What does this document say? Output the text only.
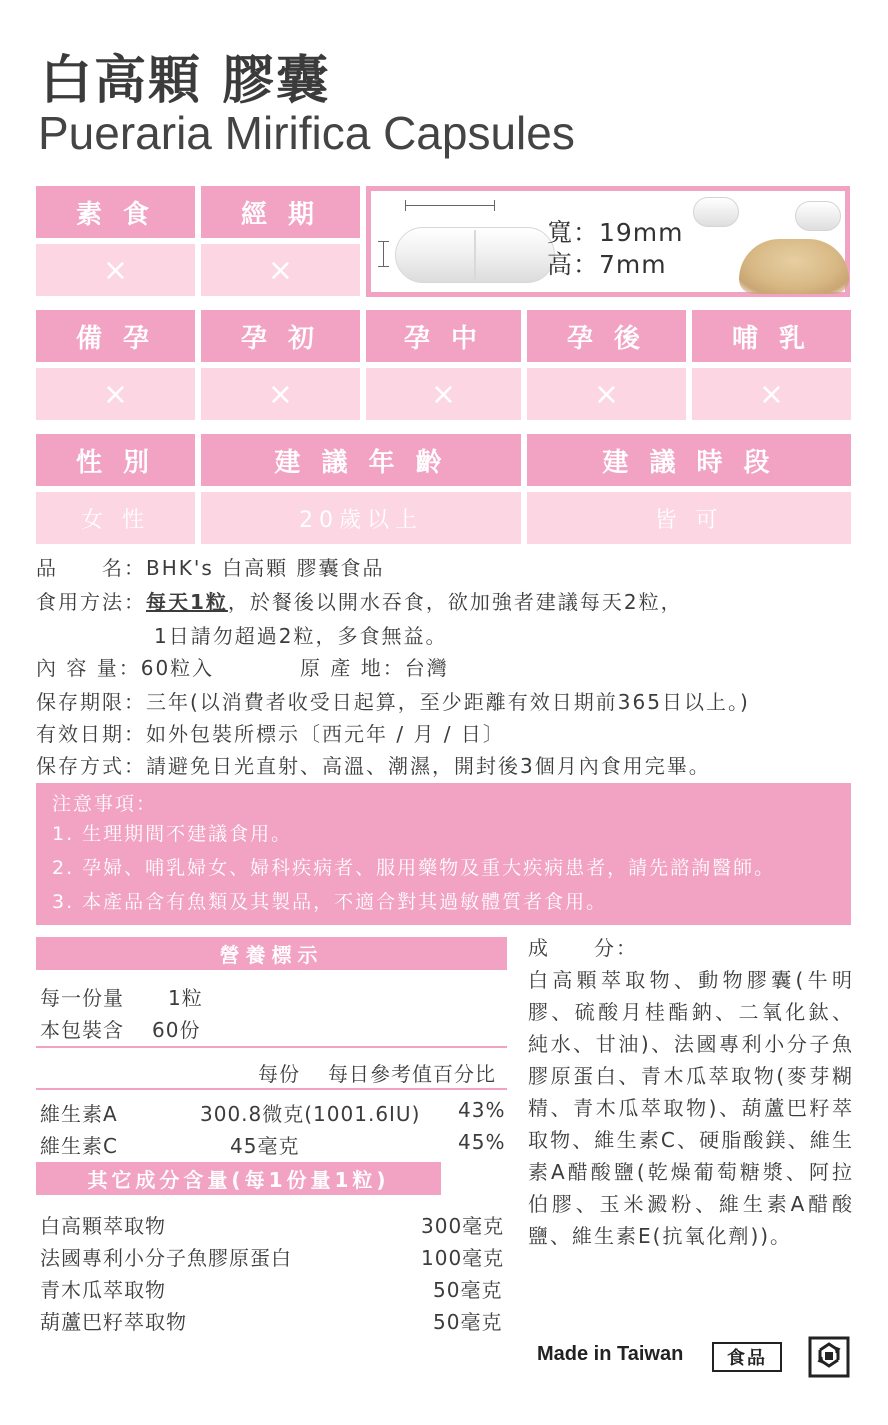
白高顆 膠囊
Pueraria Mirifica Capsules
素 食	經 期
×	×
寬：19mm
高：7mm
備 孕	孕 初	孕 中	孕 後	哺 乳
×	×	×	×	×
性 別	建 議 年 齡	建 議 時 段
女 性	20歲以上	皆 可
品　　名：BHK's 白高顆 膠囊食品
食用方法：每天1粒，於餐後以開水吞食，欲加強者建議每天2粒，
1日請勿超過2粒，多食無益。
內 容 量：60粒入	原 產 地：台灣
保存期限：三年(以消費者收受日起算，至少距離有效日期前365日以上。)
有效日期：如外包裝所標示〔西元年 / 月 / 日〕
保存方式：請避免日光直射、高溫、潮濕，開封後3個月內食用完畢。
注意事項：
1. 生理期間不建議食用。
2. 孕婦、哺乳婦女、婦科疾病者、服用藥物及重大疾病患者，請先諮詢醫師。
3. 本產品含有魚類及其製品，不適合對其過敏體質者食用。
營養標示
每一份量 1粒
本包裝含 60份
每份 每日參考值百分比
維生素A	300.8微克(1001.6IU) 43%
維生素C	45毫克	45%
其它成分含量(每1份量1粒)
白高顆萃取物	300毫克
法國專利小分子魚膠原蛋白	100毫克
青木瓜萃取物	50毫克
葫蘆巴籽萃取物	50毫克
成　　分：
白高顆萃取物、動物膠囊(牛明膠、硫酸月桂酯鈉、二氧化鈦、純水、甘油)、法國專利小分子魚膠原蛋白、青木瓜萃取物(麥芽糊精、青木瓜萃取物)、葫蘆巴籽萃取物、維生素C、硬脂酸鎂、維生素A醋酸鹽(乾燥葡萄糖漿、阿拉伯膠、玉米澱粉、維生素A醋酸鹽、維生素E(抗氧化劑))。
Made in Taiwan	食品
